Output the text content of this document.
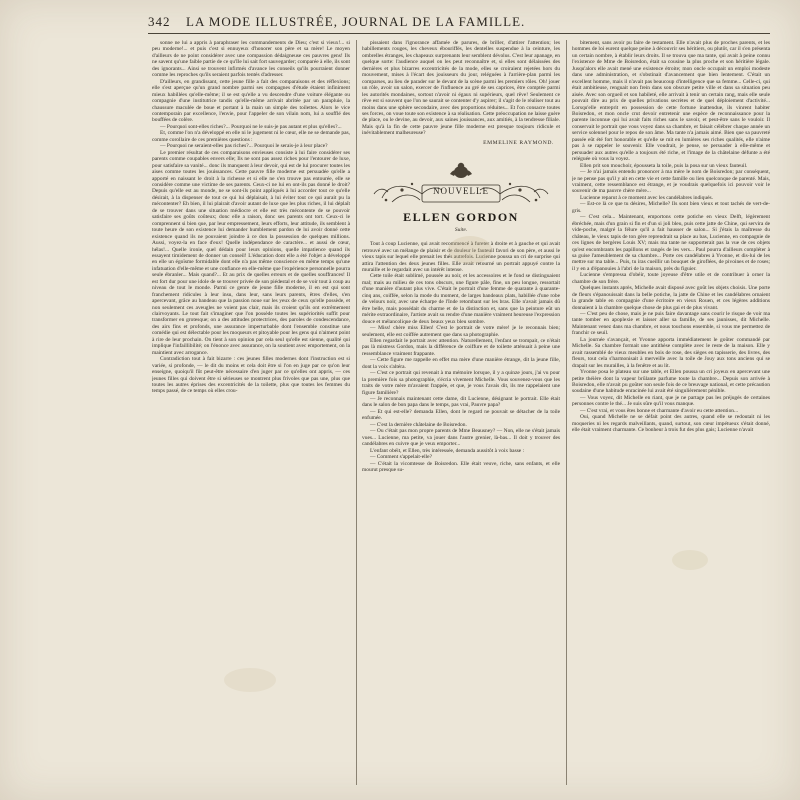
342 LA MODE ILLUSTRÉE, JOURNAL DE LA FAMILLE.

sonne ne lui a appris à paraphraser les commandements de Dieu; c'est si vieux!... si peu moderne!... et puis c'est si ennuyeux d'honorer son père et sa mère! Le moyen d'ailleurs de ne point considérer avec une compassion dédaigneuse ces pauvres gens! Ils ne savent qu'une faible partie de ce qu'Ile lui sait fort sauvegarder; comparée à elle, ils sont des ignorants... Ainsi se trouvent infirmés d'avance les conseils qu'ils pourraient donner comme les reproches qu'ils seraient parfois tentés d'adresser.

D'ailleurs, en grandissant, cette jeune fille a fait des comparaisons et des réflexions; elle s'est aperçue qu'un grand nombre parmi ses compagnes d'étude étaient infiniment mieux habillées qu'elle-même; il se est qu'elle a vu descendre d'une voiture élégante ou compagnie d'une institutrice tandis qu'elle-même arrivait abritée par un parapluie, la chaussure maculée de boue et portant à la main un simple des toilettes. Alors le vice contemporain par excellence, l'envie, pour l'appeler de son vilain nom, lui a soufflé des bouffées de colère.

— Pourquoi sont-elles riches?... Pourquoi ne le suis-je pas autant et plus qu'elles?...

Et, comme l'on n'a développé en elle ni le jugement ni le cœur, elle ne se demande pas, comme corollaire de ces premières questions :

— Pourquoi ne seraient-elles pas riches?... Pourquoi le serais-je à leur place?

Le premier résultat de ces comparaisons envieuses consiste à lui faire considérer ses parents comme coupables envers elle; Ils ne sont pas assez riches pour l'entourer de luxe, pour satisfaire sa vanité... donc ils manquent à leur devoir, qui est de lui procurer toutes les aises comme toutes les jouissances. Cette pauvre fille moderne est persuadée qu'elle a apporté en naissant le droit à la richesse et si elle ne s'en trouve pas entourée, elle se considère comme une victime de ses parents. Ceux-ci ne lui en ont-ils pas donné le droit? Depuis qu'elle est au monde, ne se sont-ils point appliqués à lui accorder tout ce qu'elle désirait, à la dispenser de tout ce qui lui déplaisait, à lui éviter tout ce qui aurait pu la mécontenter? Eh bien, il lui plairait d'avoir autant de luxe que les plus riches, il lui déplaît de se trouver dans une situation médiocre et elle est très mécontente de se pouvoir satisfaire ses goûts coûteux; donc elle a raison, donc ses parents ont tort. Ceux-ci le comprennent si bien que, par leur empressement, leurs efforts, leur attitude, ils semblent à toute heure de son existence lui demander humblement pardon de lui avoir donné cette existence quand ils ne pouvaient joindre à ce don la possession de quelques millions. Aussi, voyez-la en face d'eux! Quelle indépendance de caractère... et aussi de cœur, hélas!... Quelle ironie, quel dédain pour leurs opinions, quelle impatience quand ils essayent timidement de donner un conseil! L'éducation dont elle a été l'objet a développé en elle un égoïsme formidable dont elle n'a pas même conscience en même temps qu'une infatuation d'elle-même et une confiance en elle-même que l'expérience personnelle pourra seule ébranler... Mais quand?... Et au prix de quelles erreurs et de quelles souffrances! Il est fort dur pour une idole de se trouver privée de son piédestal et de se voir tout à coup au niveau de tout le monde. Parmi ce genre de jeune fille moderne, il en est qui sont franchement ridicules à leur insu, dans leur, sans leurs parents, êtres d'elles, s'en apercevant, grâce au bandeau que la passion noue sur les yeux de ceux qu'elle possède, et non seulement ces aveugles ne voient pas clair, mais ils croient qu'ils ont extrêmement clairvoyants. Le tout fait s'imaginer que l'on possède toutes les supériorités suffit pour transformer en grotesque; on a des attitudes protectrices, des paroles de condescendance, des airs fins et profonds, une assurance imperturbable dont l'ensemble constitue une comédie qui est délectable pour les moqueurs et pitoyable pour les gens qui n'aiment point à rire de leur prochain. On tient à son opinion par cela seul qu'elle est sienne, qualité qui implique l'infaillibilité; on l'énonce avec assurance, on la soutient avec emportement, on la maintient avec arrogance.

Contradiction tout à fait bizarre : ces jeunes filles modernes dont l'instruction est si variée, si profonde, — le dit du moins et cela doit être si l'on en juge par ce qu'on leur enseigne, quoiqu'il fût peut-être nécessaire d'en juger par ce qu'elles ont appris, — ces jeunes filles qui doivent être si sérieuses se montrent plus frivoles que pas une, plus que toutes les autres éprises des excentricités de la toilette, plus que toutes les femmes du temps passé, de ce temps où elles crou-

pissaient dans l'ignorance affamée de parures, de briller, d'attirer l'attention; les habillements rouges, les cheveux ébouriffés, les dentelles suspendue à la ceinture, les ombrelles étranges, les chapeaux surprenants leur semblent dévolus. C'est leur apanage, en quelque sorte: l'audience auquel on les peut reconnaître et, si elles sont délaissées des dernières et plus bizarres excentricités de la mode, elles se croiraient rejetées hors du mouvement, mises à l'écart des jouisseurs du jour, reléguées à l'arrière-plan parmi les comparses, au lieu de parader sur le devant de la scène parmi les premiers rôles. Oh! jouer un rôle, avoir un salon, exercer de l'influence au gré de ses caprices, être comptée parmi les autorités mondaines, sortout n'avoir ni égaux ni supérieurs, quel rêve! Seulement ce rêve est si souvent que l'on ne saurait se contenter d'y aspirer; il s'agit de le réaliser tout au moins dans une sphère secondaire, avec des proportions réduites... Et l'on consacre toutes ses forces, on voue toute son existence à sa réalisation. Cette préoccupation ne laisse guère de place, ou le devine, au devoir, aux saines jouissances, aux amitiés, à la tendresse filiale. Mais qu'à la fin de cette pauvre jeune fille moderne est presque toujours ridicule et inévitablement malheureuse?

EMMELINE RAYMOND.
NOUVELLE
ELLEN GORDON
Suite.

Tout à coup Lucienne, qui avait recommencé à fureter à droite et à gauche et qui avait retrouvé avec un mélange de plaisir et de douleur le fauteuil favori de son père, et aussi le vieux tapis sur lequel elle prenait les thés autrefois. Lucienne poussa un cri de surprise qui attira l'attention des deux jeunes filles. Elle avait retourné un portrait appuyé contre la muraille et le regardait avec un intérêt intense.

Cette toile était sublimé, poussée au noir, et les accessoires et le fond se distinguaient mal; mais au milieu de ces tons obscurs, une figure pâle, fine, un peu longue, ressortait d'une manière d'autant plus vive. C'était le portrait d'une femme de quarante à quarante-cinq ans, coiffée, selon la mode du moment, de larges bandeaux plats, habillée d'une robe de velours noir, avec une écharpe de l'Inde retombant sur les bras. Elle n'avait jamais dû être belle, mais possédait du charme et de la distinction et, sans que la peinture eût un mérite extraordinaire, l'artiste avait su rendre d'une manière vraiment heureuse l'expression douce et mélancolique de deux beaux yeux bleu sombre.

— Miss! chère miss Ellen! C'est le portrait de votre mère! je le reconnais bien; seulement, elle est coiffée autrement que dans sa photographie.

Ellen regardait le portrait avec attention. Naturellement, l'enfant se trompait, ce n'était pas là mistress Gordon, mais la différence de coiffure et de toilette atténuait à peine une ressemblance vraiment frappante.

— Cette figure me rappelle en effet ma mère d'une manière étrange, dit la jeune fille, dont la voix s'altéra.

— C'est ce portrait qui revenait à ma mémoire lorsque, il y a quinze jours, j'ai vu pour la première fois sa photographie, s'écria vivement Michelle. Vous souvenez-vous que les traits de votre mère m'avaient frappée, et que, je vous l'avais dit, ils me rappelaient une figure familière?

— Je reconnais maintenant cette dame, dit Lucienne, désignant le portrait. Elle était dans le salon de bon papa dans le temps, pas vrai, Pauvre papa?

— Et qui est-elle? demanda Ellen, dont le regard ne pouvait se détacher de la toile enfumée.

— C'est la dernière châtelaine de Boisredon.

— Ou c'était pas mon propre parents de Mme Beausney? — Non, elle ne s'était jamais vues... Lucienne, ma petite, va jouer dans l'autre grenier, là-bas... Il doit y trouver des candélabres en cuivre que je veux emporter...

L'enfant obéit, et Ellen, très intéressée, demanda aussitôt à voix basse :

— Comment s'appelait-elle?

— C'était la vicomtesse de Boisredon. Elle était veuve, riche, sans enfants, et elle mourut presque su-

bitement, sans avoir pu faire de testament. Elle n'avait plus de proches parents, et les hommes de loi eurent quelque peine à découvrir ses héritiers, ou plutôt, car il s'en présenta un certain nombre, à établir leurs droits. Il se trouva que ma tante, qui avait à peine connu l'existence de Mme de Boisredon, était sa cousine la plus proche et son héritière légale. Jusqu'alors elle avait mené une existence étroite; mon oncle occupait un emploi modeste dans une administration, et s'obstinait d'avancement que bien lentement. C'était un excellent homme, mais il n'avait pas beaucoup d'intelligence que sa femme... Celle-ci, qui était ambitieuse, renguait non frein dans son obscure petite ville et dans sa situation peu aisée. Avec son orgueil et son habileté, elle arrivait à tenir un certain rang, mais elle seule pouvait dire au prix de quelles privations secrètes et de quel déploiement d'activité... Lorsqu'elle entreprit en possession de cette fortune inattendue, ils vinrent habiter Boisredon, et mon oncle crut devoir entretenir une espèce de reconnaissance pour la parente inconnue qui lui avait faits riches sans le savoir, et peut-être sans le vouloir. Il conservait le portrait que vous voyez dans sa chambre, et faisait célébrer chaque année un service solennel pour le repos de son âme. Ma tante n'a jamais aimé. Bien que sa pauvreté passée eût été fort honorable et qu'elle se mit en lumières ses riches qualités, elle n'aime pas à se rappeler le souvenir. Elle voudrait, je pense, se persuader à elle-même et persuader aux autres qu'elle a toujours été riche, et l'image de la châtelaine défunte a été reléguée où vous la voyez.

Ellen prit son mouchoir, épousseta la toile, puis la posa sur un vieux fauteuil.

— Je n'ai jamais entendu prononcer à ma mère le nom de Boisredon; par conséquent, je ne pense pas qu'il y ait en cette vie et cette famille ou lien quelconque de parenté. Mais, vraiment, cette ressemblance est étrange, et je voudrais quelquefois ici pouvoir voir le souvenir de ma pauvre chère mère...

Lucienne reparut à ce moment avec les candélabres indiqués.

— Est-ce là ce que tu désires, Michelle? Ils sont bien vieux et tout tachés de vert-de-gris.

— C'est cela... Maintenant, emportons cette potiche en vieux Delft, légèrement ébréchée, mais d'un grain si fin et d'un si joli bleu, puis cette jatte de Chine, qui servira de vide-poche, malgré la félure qu'il a fait hausser de salon... Si j'étais la maîtresse du château, le vieux tapis de ton gère reprendrait sa place au bas, Lucienne, en compagnie de ces lignes de bergères Louis XV; mais ma tante ne supporterait pas la vue de ces objets qu'est encombrants les papillons et rangés de les vers... Paul pourra d'ailleurs compléter à sa guise l'ameublement de sa chambre... Porte ces candélabres à Yvonne, et dis-lui de les mettre sur ma table... Puis, tu iras cueillir un bouquet de giroflées, de pivoines et de roses; il y en a d'épanouies à l'abri de la maison, près du figuier.

Lucienne s'empressa d'obéir, toute joyeuse d'être utile et de contribuer à orner la chambre de son frère.

Quelques instants après, Michelle avait disposé avec goût les objets choisis. Une porte de fleurs s'épanouissait dans la belle potiche, la jatte de Chine et les candélabres ornaient la grande table en compagnie d'une écritoire en vieux Rouen, et ces légères additions donnaient à la chambre quelque chose de plus gai et de plus vivant.

— C'est peu de chose, mais je ne puis faire davantage sans courir le risque de voir ma tante tomber en apoplexie et laisser aller sa famille, de ses jaunisses, dit Michelle. Maintenant venez dans ma chambre, et nous touchons ensemble, si vous me permettez de franchir ce seuil.

La journée s'avançait, et Yvonne apporta immédiatement le goûter commandé par Michelle. Sa chambre formait une antithèse complète avec le reste de la maison. Elle y avait rassemblé de vieux meubles en bois de rose, des sièges en tapisserie, des livres, des fleurs, tout cela s'harmonisait à merveille avec la toile de Jouy aux tons anciens qui se drapait sur les murailles, à la fenêtre et au lit.

Yvonne posa le plateau sur une table, et Ellen poussa un cri joyeux en apercevant une petite théière dont la vapeur brûlante parfume toute la chambre... Depuis son arrivée à Boisredon, elle n'avait pu goûter son seule fois de ce breuvage national, et cette précaution soudaine d'une habitude enracinée lui avait été singulièrement pénible.

— Vous voyez, dit Michelle en riant, que je ne partage pas les préjugés de certaines personnes contre le thé... Je suis sûre qu'il vous manque.

— C'est vrai, et vous êtes bonne et charmante d'avoir eu cette attention...

Oui, quand Michelle ne se défait point des autres, quand elle se redoutait ni les moqueries ni les regards malveillants, quand, surtout, son cœur impétueux s'était donné, elle était vraiment charmante. Ce bonheur à trois fut des plus gais; Lucienne n'avait
